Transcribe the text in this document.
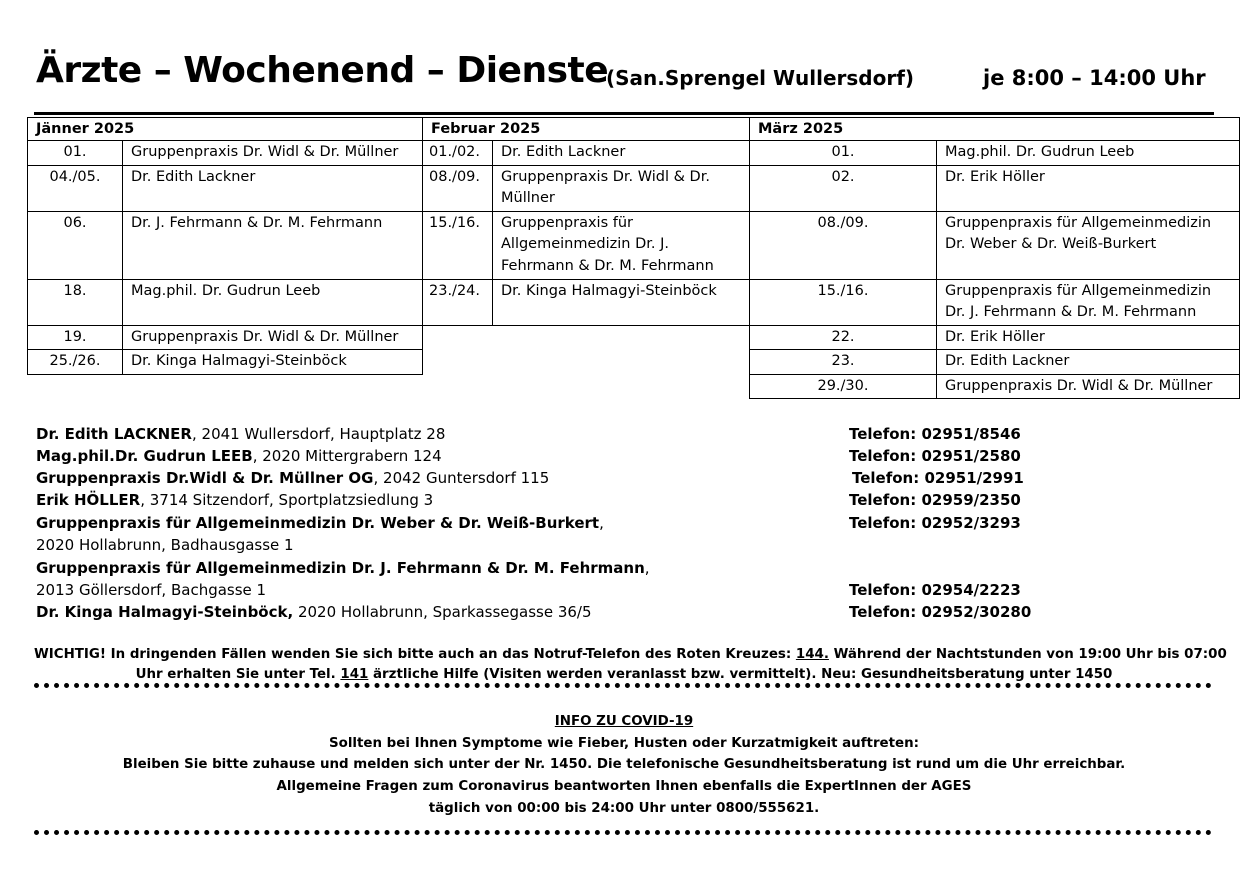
Ärzte – Wochenend – Dienste
(San.Sprengel Wullersdorf)	je 8:00 – 14:00 Uhr
Jänner 2025	
01.	Gruppenpraxis Dr. Widl & Dr. Müllner
04./05.	Dr. Edith Lackner
06.	Dr. J. Fehrmann & Dr. M. Fehrmann
18.	Mag.phil. Dr. Gudrun Leeb
19.	Gruppenpraxis Dr. Widl & Dr. Müllner
25./26.	Dr. Kinga Halmagyi-Steinböck
Februar 2025	
01./02.	Dr. Edith Lackner
08./09.	Gruppenpraxis Dr. Widl & Dr.
Müllner

15./16.	Gruppenpraxis für
Allgemeinmedizin Dr. J.
Fehrmann & Dr. M. Fehrmann

23./24.	Dr. Kinga Halmagyi-Steinböck
März 2025	
01.	Mag.phil. Dr. Gudrun Leeb
02.	Dr. Erik Höller
08./09.	Gruppenpraxis für Allgemeinmedizin
Dr. Weber & Dr. Weiß-Burkert

15./16.	Gruppenpraxis für Allgemeinmedizin
Dr. J. Fehrmann & Dr. M. Fehrmann

22.	Dr. Erik Höller
23.	Dr. Edith Lackner
29./30.	Gruppenpraxis Dr. Widl & Dr. Müllner
Dr. Edith LACKNER, 2041 Wullersdorf, Hauptplatz 28	Telefon: 02951/8546
Mag.phil.Dr. Gudrun LEEB, 2020 Mittergrabern 124	Telefon: 02951/2580
Gruppenpraxis Dr.Widl & Dr. Müllner OG, 2042 Guntersdorf 115	Telefon: 02951/2991
Erik HÖLLER, 3714 Sitzendorf, Sportplatzsiedlung 3	Telefon: 02959/2350
Gruppenpraxis für Allgemeinmedizin Dr. Weber & Dr. Weiß-Burkert,
2020 Hollabrunn, Badhausgasse 1
Telefon: 02952/3293
Gruppenpraxis für Allgemeinmedizin Dr. J. Fehrmann & Dr. M. Fehrmann,
2013 Göllersdorf, Bachgasse 1	Telefon: 02954/2223
Dr. Kinga Halmagyi-Steinböck, 2020 Hollabrunn, Sparkassegasse 36/5	Telefon: 02952/30280
WICHTIG! In dringenden Fällen wenden Sie sich bitte auch an das Notruf-Telefon des Roten Kreuzes: 144. Während der Nachtstunden von 19:00 Uhr bis 07:00
Uhr erhalten Sie unter Tel. 141 ärztliche Hilfe (Visiten werden veranlasst bzw. vermittelt). Neu: Gesundheitsberatung unter 1450
INFO ZU COVID-19
Sollten bei Ihnen Symptome wie Fieber, Husten oder Kurzatmigkeit auftreten:
Bleiben Sie bitte zuhause und melden sich unter der Nr. 1450. Die telefonische Gesundheitsberatung ist rund um die Uhr erreichbar.
Allgemeine Fragen zum Coronavirus beantworten Ihnen ebenfalls die ExpertInnen der AGES
täglich von 00:00 bis 24:00 Uhr unter 0800/555621.
